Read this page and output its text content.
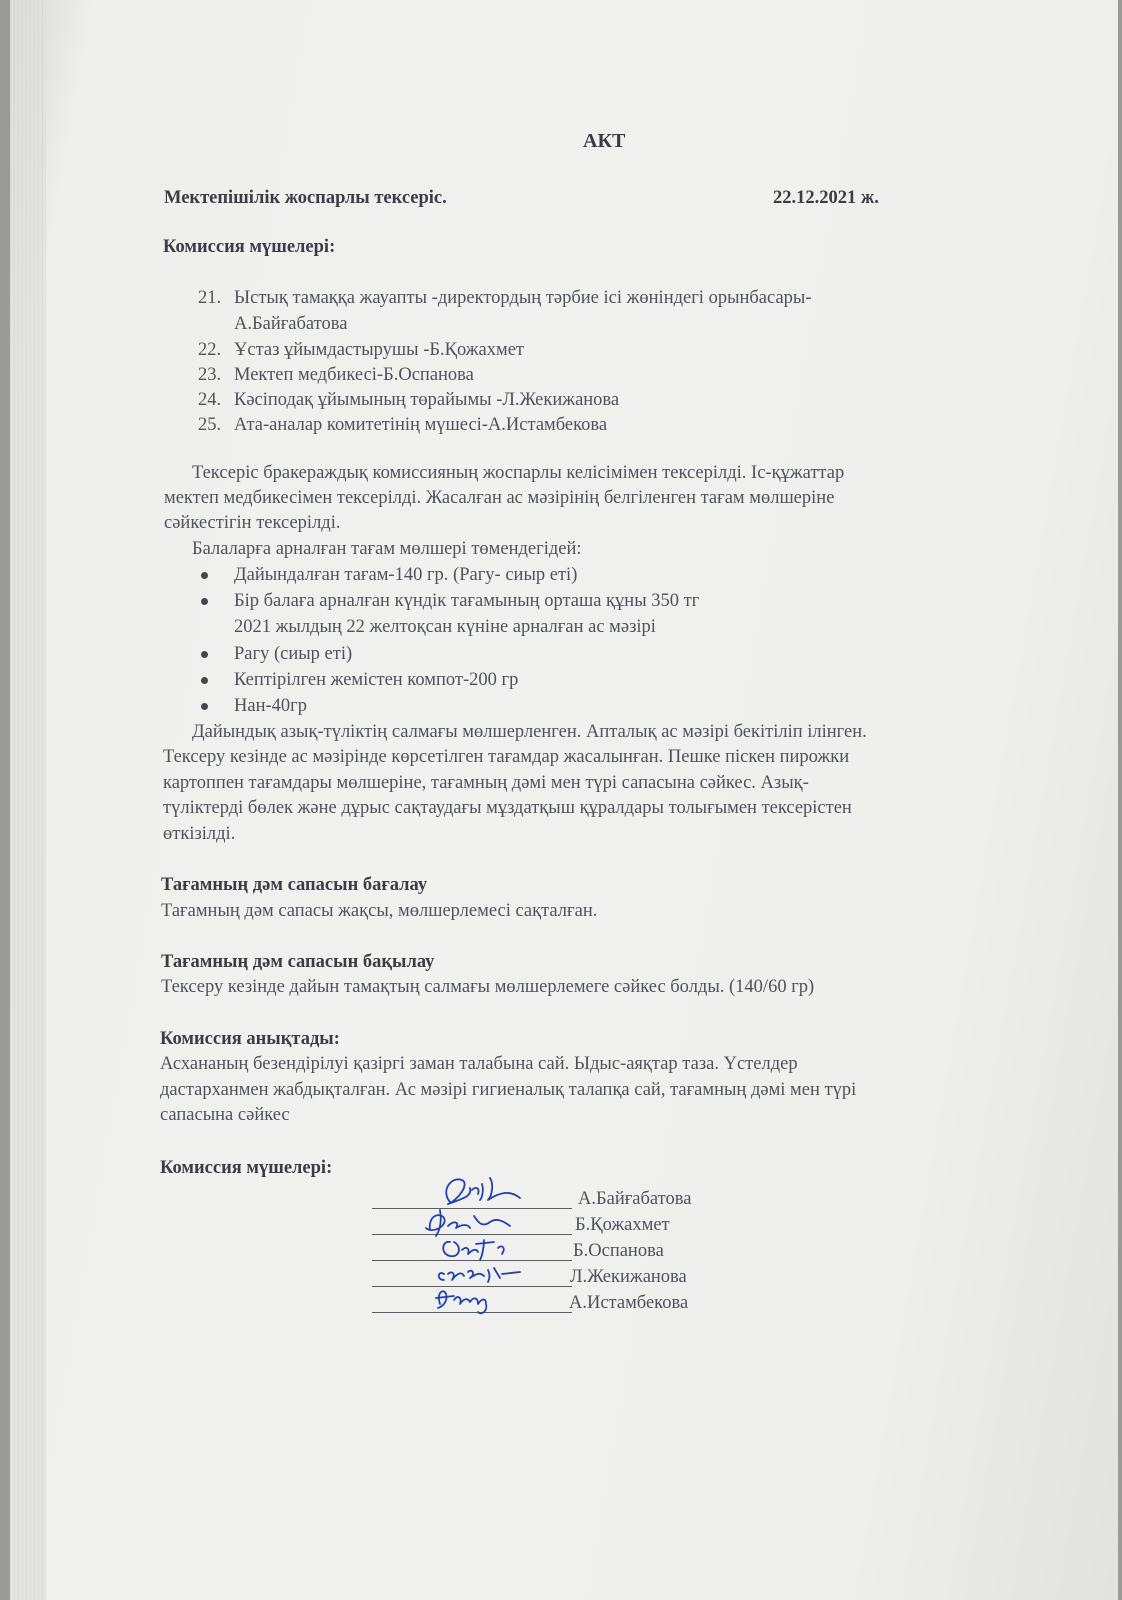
АКТ
Мектепішілік жоспарлы тексеріс.	22.12.2021 ж.
Комиссия мүшелері:
21. Ыстық тамаққа жауапты -директордың тәрбие ісі жөніндегі орынбасары-
А.Байғабатова
22. Ұстаз ұйымдастырушы -Б.Қожахмет
23. Мектеп медбикесі-Б.Оспанова
24. Кәсіподақ ұйымының төрайымы -Л.Жекижанова
25. Ата-аналар комитетінің мүшесі-А.Истамбекова
Тексеріс бракераждық комиссияның жоспарлы келісімімен тексерілді. Іс-құжаттар
мектеп медбикесімен тексерілді. Жасалған ас мәзірінің белгіленген тағам мөлшеріне
сәйкестігін тексерілді.
Балаларға арналған тағам мөлшері төмендегідей:
Дайындалған тағам-140 гр. (Рагу- сиыр еті)
Бір балаға арналған күндік тағамының орташа құны 350 тг
2021 жылдың 22 желтоқсан күніне арналған ас мәзірі
Рагу (сиыр еті)
Кептірілген жемістен компот-200 гр
Нан-40гр
Дайындық азық-түліктің салмағы мөлшерленген. Апталық ас мәзірі бекітіліп ілінген.
Тексеру кезінде ас мәзірінде көрсетілген тағамдар жасалынған. Пешке піскен пирожки
картоппен тағамдары мөлшеріне, тағамның дәмі мен түрі сапасына сәйкес. Азық-
түліктерді бөлек және дұрыс сақтаудағы мұздатқыш құралдары толығымен тексерістен
өткізілді.
Тағамның дәм сапасын бағалау
Тағамның дәм сапасы жақсы, мөлшерлемесі сақталған.
Тағамның дәм сапасын бақылау
Тексеру кезінде дайын тамақтың салмағы мөлшерлемеге сәйкес болды. (140/60 гр)
Комиссия анықтады:
Асхананың безендірілуі қазіргі заман талабына сай. Ыдыс-аяқтар таза. Үстелдер
дастарханмен жабдықталған. Ас мәзірі гигиеналық талапқа сай, тағамның дәмі мен түрі
сапасына сәйкес
Комиссия мүшелері:
А.Байғабатова
Б.Қожахмет
Б.Оспанова
Л.Жекижанова
А.Истамбекова
